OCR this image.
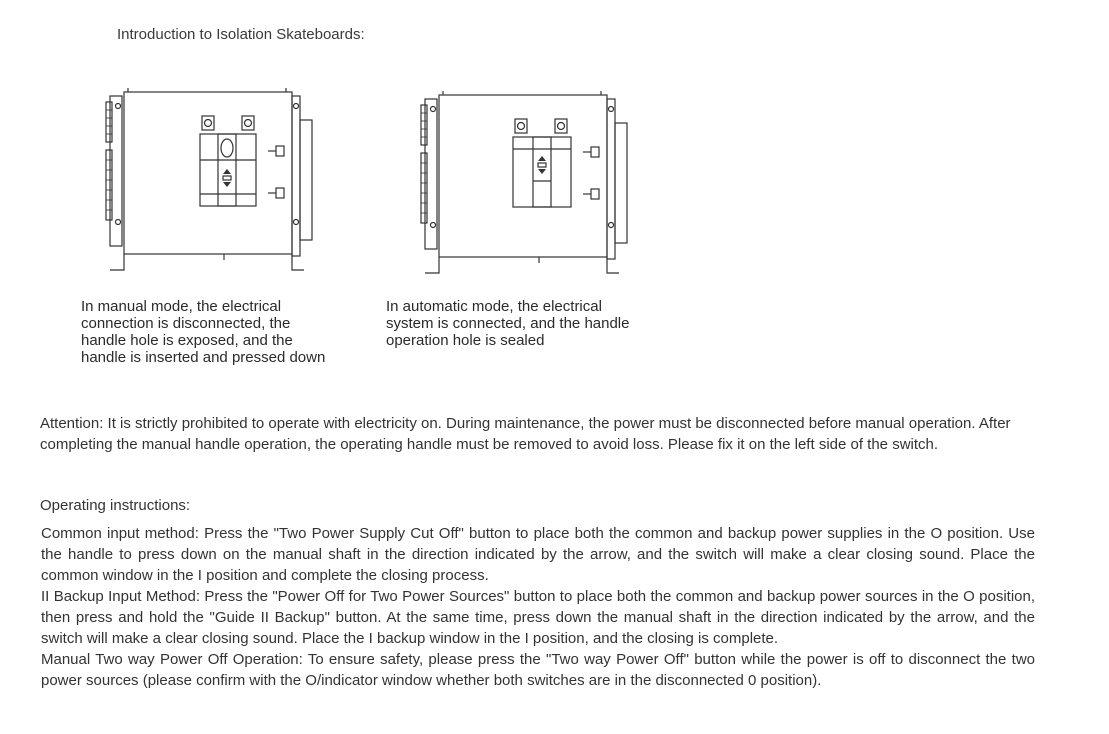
Introduction to Isolation Skateboards:
In manual mode, the electrical connection is disconnected, the handle hole is exposed, and the handle is inserted and pressed down
In automatic mode, the electrical system is connected, and the handle operation hole is sealed
Attention: It is strictly prohibited to operate with electricity on. During maintenance, the power must be disconnected before manual operation. After completing the manual handle operation, the operating handle must be removed to avoid loss. Please fix it on the left side of the switch.
Operating instructions:

Common input method: Press the "Two Power Supply Cut Off" button to place both the common and backup power supplies in the O position. Use the handle to press down on the manual shaft in the direction indicated by the arrow, and the switch will make a clear closing sound. Place the common window in the I position and complete the closing process.

II Backup Input Method: Press the "Power Off for Two Power Sources" button to place both the common and backup power sources in the O position, then press and hold the "Guide II Backup" button. At the same time, press down the manual shaft in the direction indicated by the arrow, and the switch will make a clear closing sound. Place the I backup window in the I position, and the closing is complete.

Manual Two way Power Off Operation: To ensure safety, please press the "Two way Power Off" button while the power is off to disconnect the two power sources (please confirm with the O/indicator window whether both switches are in the disconnected 0 position).
